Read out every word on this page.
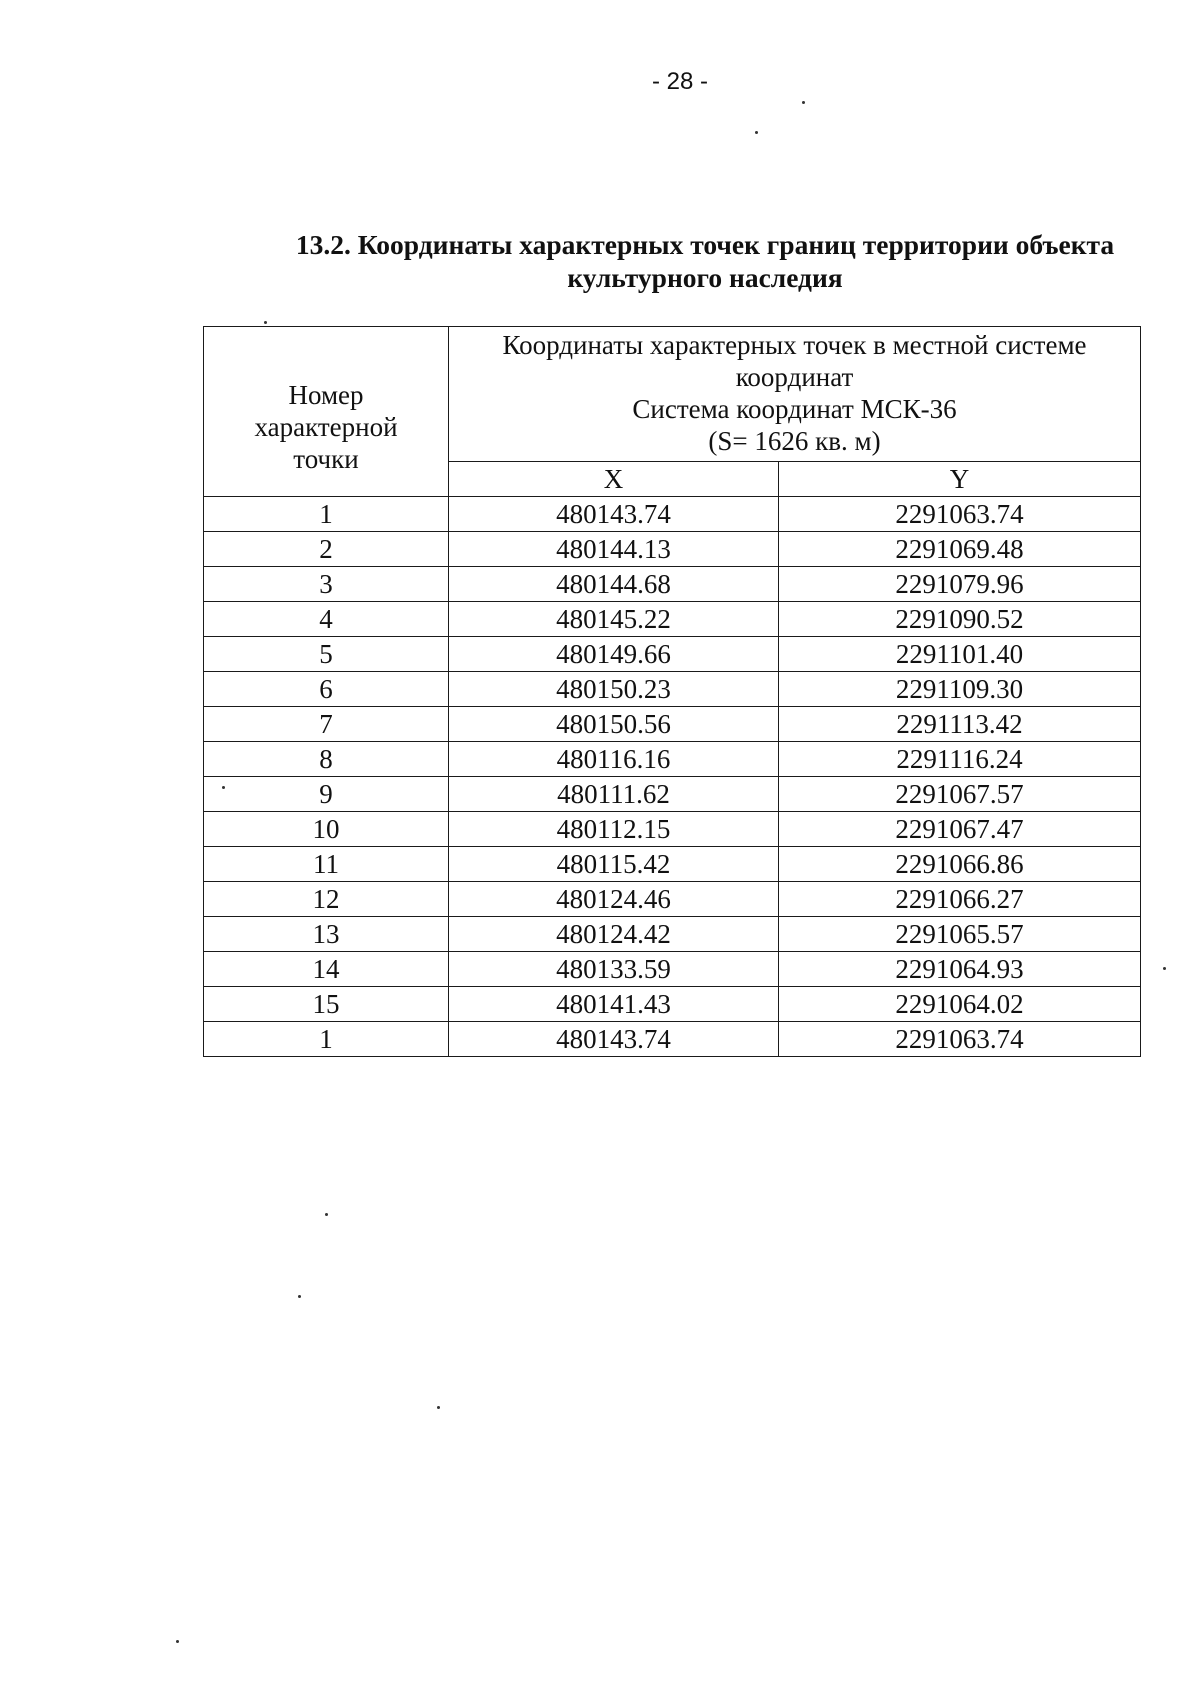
- 28 -
13.2. Координаты характерных точек границ территории объекта
культурного наследия
Номер
характерной
точки	Координаты характерных точек в местной системе
координат
Система координат МСК-36
(S= 1626 кв. м)	

	X	Y
1	480143.74	2291063.74
2	480144.13	2291069.48
3	480144.68	2291079.96
4	480145.22	2291090.52
5	480149.66	2291101.40
6	480150.23	2291109.30
7	480150.56	2291113.42
8	480116.16	2291116.24
9	480111.62	2291067.57
10	480112.15	2291067.47
11	480115.42	2291066.86
12	480124.46	2291066.27
13	480124.42	2291065.57
14	480133.59	2291064.93
15	480141.43	2291064.02
1	480143.74	2291063.74
